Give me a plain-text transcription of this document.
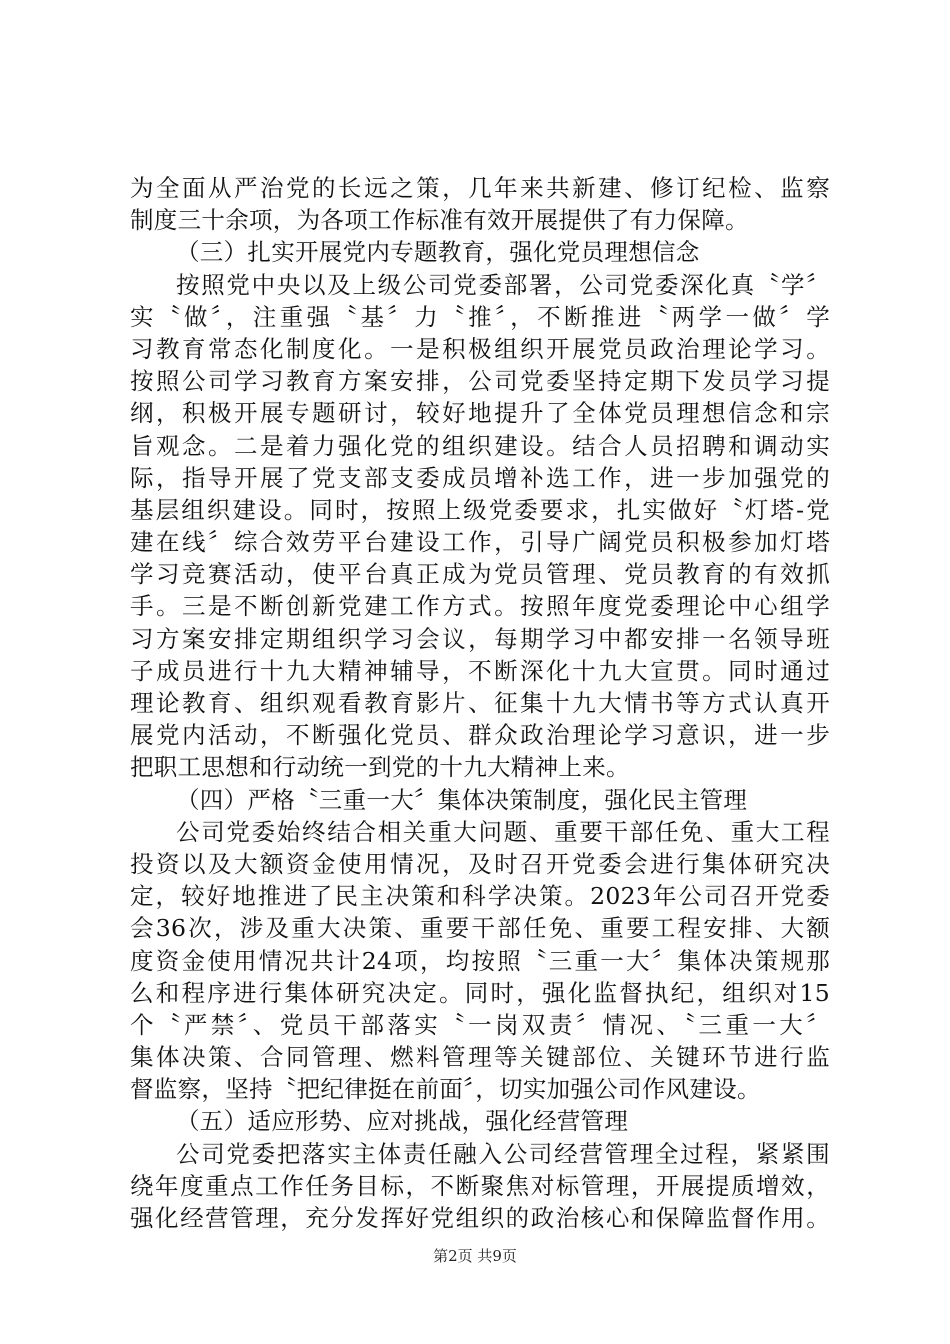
为全面从严治党的长远之策，几年来共新建、修订纪检、监察
制度三十余项，为各项工作标准有效开展提供了有力保障。
（三）扎实开展党内专题教育，强化党员理想信念
按照党中央以及上级公司党委部署，公司党委深化真〝学〞
实〝做〞，注重强〝基〞力〝推〞，不断推进〝两学一做〞学
习教育常态化制度化。一是积极组织开展党员政治理论学习。
按照公司学习教育方案安排，公司党委坚持定期下发员学习提
纲，积极开展专题研讨，较好地提升了全体党员理想信念和宗
旨观念。二是着力强化党的组织建设。结合人员招聘和调动实
际，指导开展了党支部支委成员增补选工作，进一步加强党的
基层组织建设。同时，按照上级党委要求，扎实做好〝灯塔-党
建在线〞综合效劳平台建设工作，引导广阔党员积极参加灯塔
学习竞赛活动，使平台真正成为党员管理、党员教育的有效抓
手。三是不断创新党建工作方式。按照年度党委理论中心组学
习方案安排定期组织学习会议，每期学习中都安排一名领导班
子成员进行十九大精神辅导，不断深化十九大宣贯。同时通过
理论教育、组织观看教育影片、征集十九大情书等方式认真开
展党内活动，不断强化党员、群众政治理论学习意识，进一步
把职工思想和行动统一到党的十九大精神上来。
（四）严格〝三重一大〞集体决策制度，强化民主管理
公司党委始终结合相关重大问题、重要干部任免、重大工程
投资以及大额资金使用情况，及时召开党委会进行集体研究决
定，较好地推进了民主决策和科学决策。2023年公司召开党委
会36次，涉及重大决策、重要干部任免、重要工程安排、大额
度资金使用情况共计24项，均按照〝三重一大〞集体决策规那
么和程序进行集体研究决定。同时，强化监督执纪，组织对15
个〝严禁〞、党员干部落实〝一岗双责〞情况、〝三重一大〞
集体决策、合同管理、燃料管理等关键部位、关键环节进行监
督监察，坚持〝把纪律挺在前面〞，切实加强公司作风建设。
（五）适应形势、应对挑战，强化经营管理
公司党委把落实主体责任融入公司经营管理全过程，紧紧围
绕年度重点工作任务目标，不断聚焦对标管理，开展提质增效，
强化经营管理，充分发挥好党组织的政治核心和保障监督作用。
第2页 共9页
